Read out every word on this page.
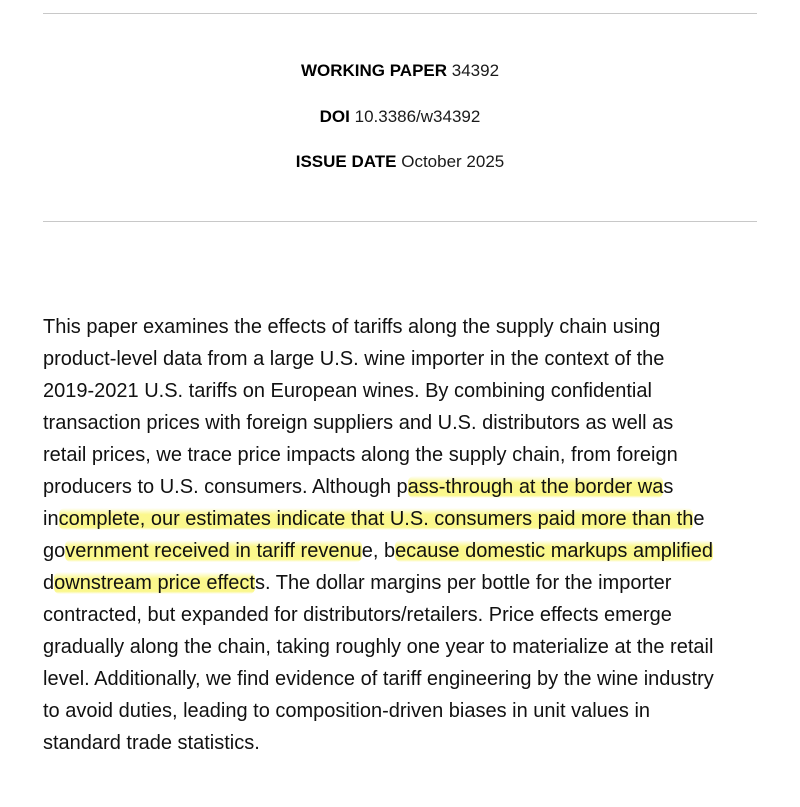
WORKING PAPER 34392
DOI 10.3386/w34392
ISSUE DATE October 2025
This paper examines the effects of tariffs along the supply chain using
product-level data from a large U.S. wine importer in the context of the
2019-2021 U.S. tariffs on European wines. By combining confidential
transaction prices with foreign suppliers and U.S. distributors as well as
retail prices, we trace price impacts along the supply chain, from foreign
producers to U.S. consumers. Although pass-through at the border was
incomplete, our estimates indicate that U.S. consumers paid more than the
government received in tariff revenue, because domestic markups amplified
downstream price effects. The dollar margins per bottle for the importer
contracted, but expanded for distributors/retailers. Price effects emerge
gradually along the chain, taking roughly one year to materialize at the retail
level. Additionally, we find evidence of tariff engineering by the wine industry
to avoid duties, leading to composition-driven biases in unit values in
standard trade statistics.
